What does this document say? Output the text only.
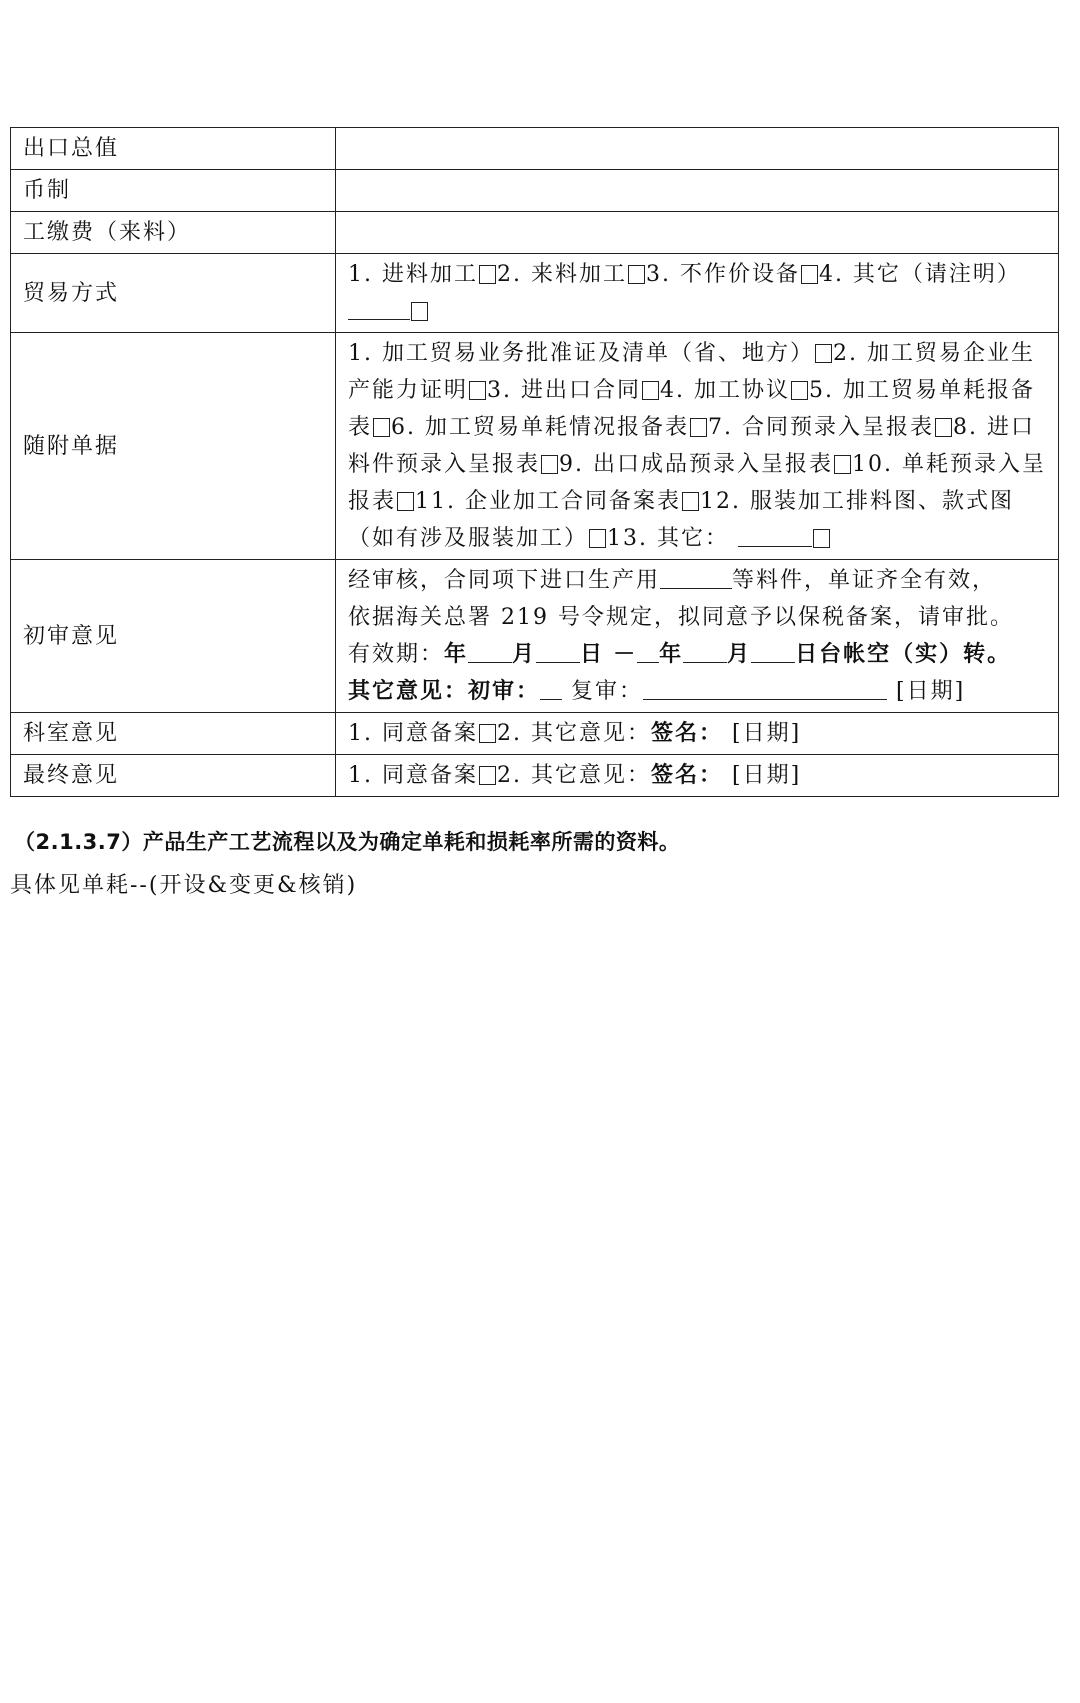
出口总值	
币制	
工缴费（来料）	
贸易方式	1. 进料加工 2. 来料加工 3. 不作价设备 4. 其它（请注明）
随附单据	1. 加工贸易业务批准证及清单（省、地方） 2. 加工贸易企业生产能力证明 3. 进出口合同 4. 加工协议 5. 加工贸易单耗报备表 6. 加工贸易单耗情况报备表 7. 合同预录入呈报表 8. 进口料件预录入呈报表 9. 出口成品预录入呈报表 10. 单耗预录入呈报表 11. 企业加工合同备案表 12. 服装加工排料图、款式图（如有涉及服装加工） 13. 其它：
初审意见	经审核，合同项下进口生产用 等料件，单证齐全有效，
依据海关总署 219 号令规定，拟同意予以保税备案，请审批。
有效期：年 月 日 － 年 月 日台帐空（实）转。
其它意见：初审： 复审： [日期]

科室意见	1. 同意备案 2. 其它意见：签名： [日期]
最终意见	1. 同意备案 2. 其它意见：签名： [日期]
（2.1.3.7）产品生产工艺流程以及为确定单耗和损耗率所需的资料。
具体见单耗--(开设&变更&核销)
